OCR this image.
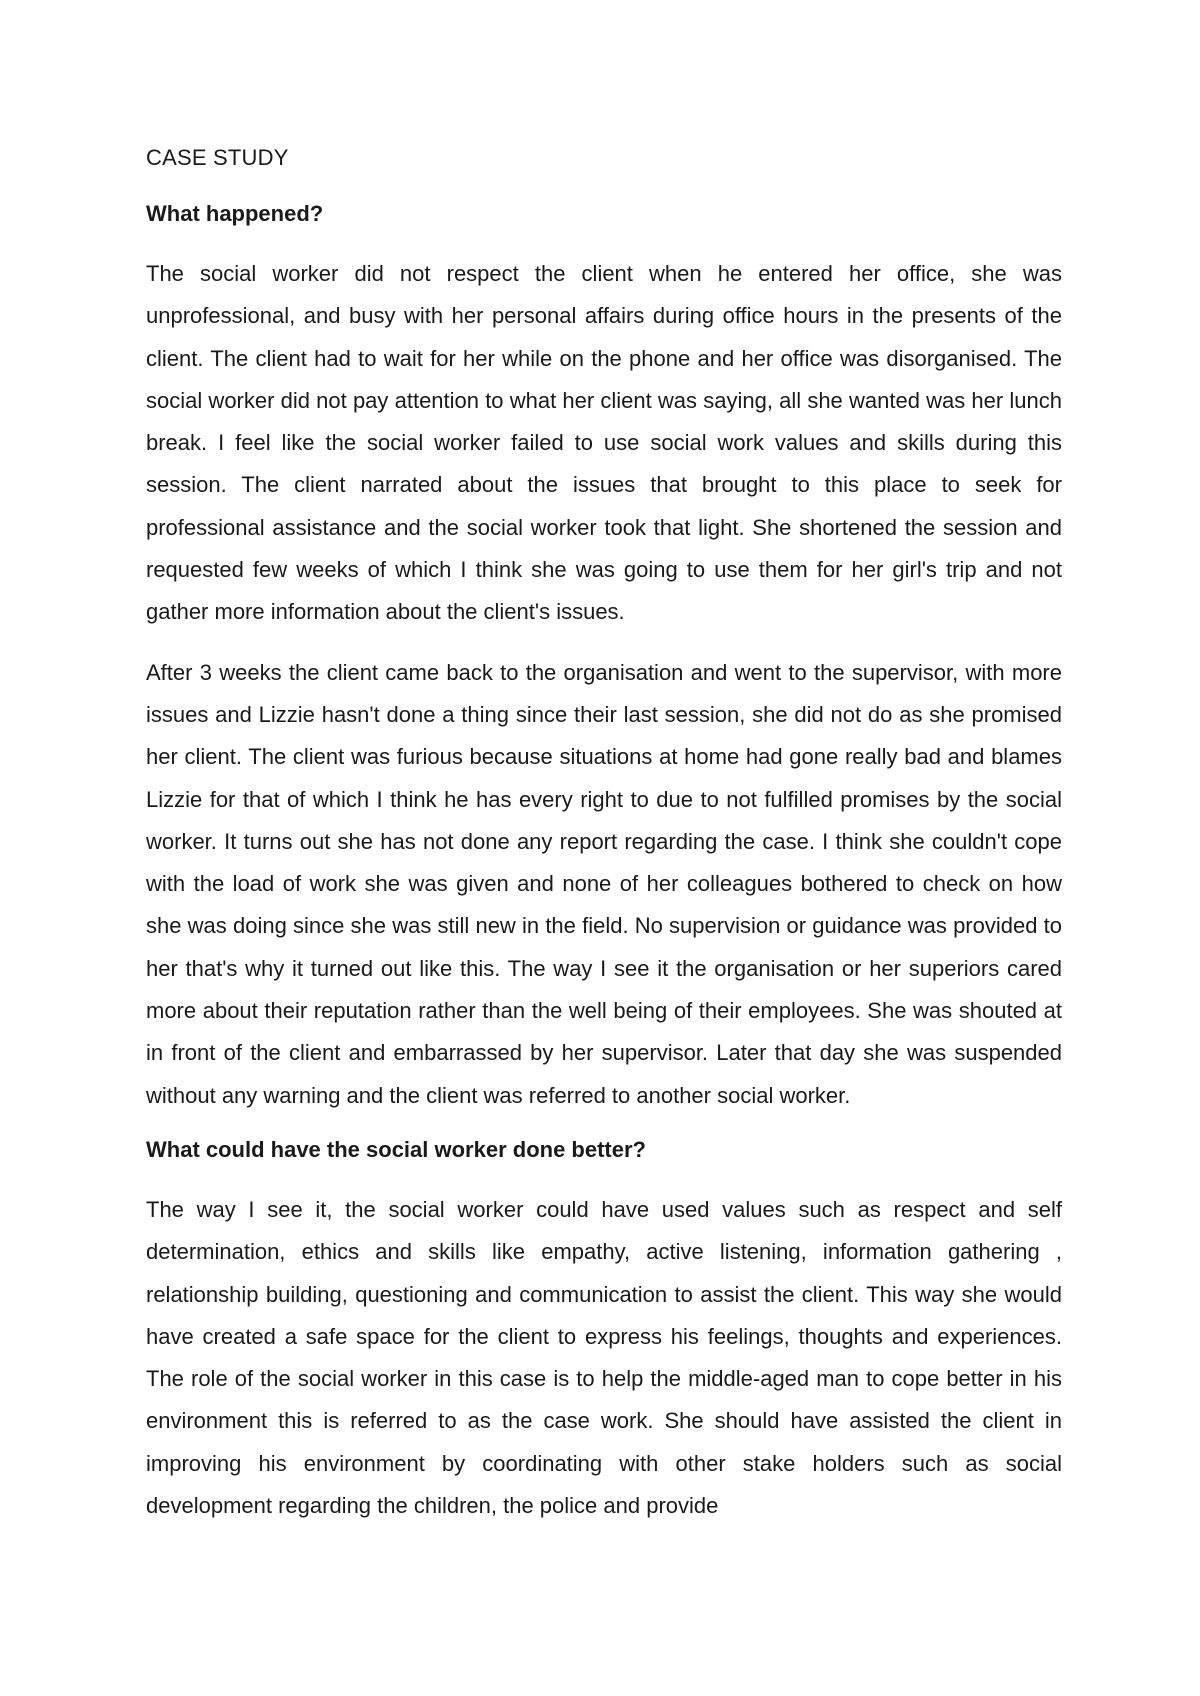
CASE STUDY
What happened?

The social worker did not respect the client when he entered her office, she was unprofessional, and busy with her personal affairs during office hours in the presents of the client. The client had to wait for her while on the phone and her office was disorganised. The social worker did not pay attention to what her client was saying, all she wanted was her lunch break. I feel like the social worker failed to use social work values and skills during this session. The client narrated about the issues that brought to this place to seek for professional assistance and the social worker took that light. She shortened the session and requested few weeks of which I think she was going to use them for her girl's trip and not gather more information about the client's issues.

After 3 weeks the client came back to the organisation and went to the supervisor, with more issues and Lizzie hasn't done a thing since their last session, she did not do as she promised her client. The client was furious because situations at home had gone really bad and blames Lizzie for that of which I think he has every right to due to not fulfilled promises by the social worker. It turns out she has not done any report regarding the case. I think she couldn't cope with the load of work she was given and none of her colleagues bothered to check on how she was doing since she was still new in the field. No supervision or guidance was provided to her that's why it turned out like this. The way I see it the organisation or her superiors cared more about their reputation rather than the well being of their employees. She was shouted at in front of the client and embarrassed by her supervisor. Later that day she was suspended without any warning and the client was referred to another social worker.

What could have the social worker done better?

The way I see it, the social worker could have used values such as respect and self determination, ethics and skills like empathy, active listening, information gathering , relationship building, questioning and communication to assist the client. This way she would have created a safe space for the client to express his feelings, thoughts and experiences. The role of the social worker in this case is to help the middle-aged man to cope better in his environment this is referred to as the case work. She should have assisted the client in improving his environment by coordinating with other stake holders such as social development regarding the children, the police and provide
